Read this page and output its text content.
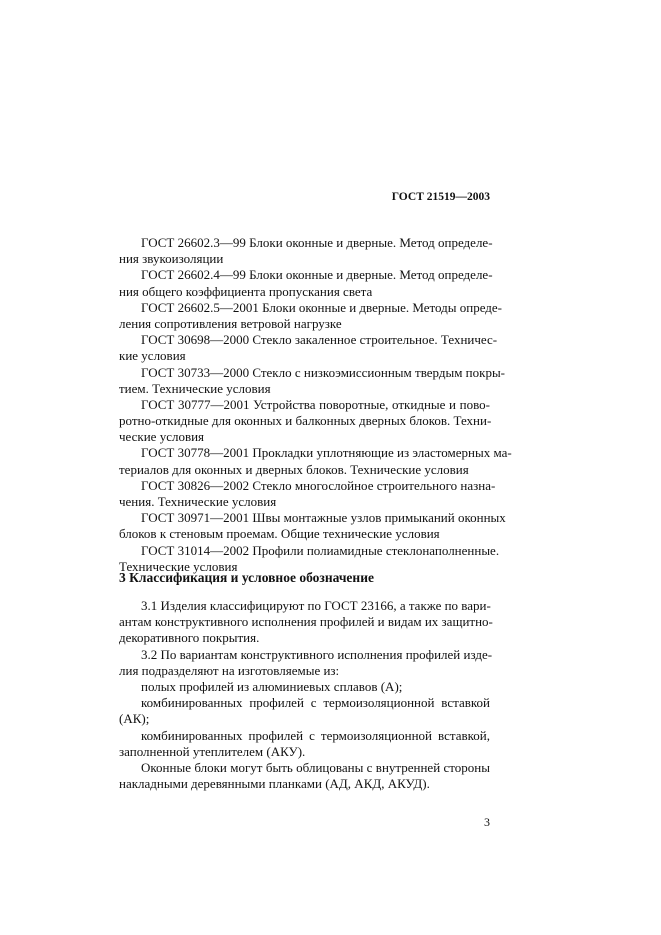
ГОСТ 21519—2003
ГОСТ 26602.3—99 Блоки оконные и дверные. Метод определе-
ния звукоизоляции
ГОСТ 26602.4—99 Блоки оконные и дверные. Метод определе-
ния общего коэффициента пропускания света
ГОСТ 26602.5—2001 Блоки оконные и дверные. Методы опреде-
ления сопротивления ветровой нагрузке
ГОСТ 30698—2000 Стекло закаленное строительное. Техничес-
кие условия
ГОСТ 30733—2000 Стекло с низкоэмиссионным твердым покры-
тием. Технические условия
ГОСТ 30777—2001 Устройства поворотные, откидные и пово-
ротно-откидные для оконных и балконных дверных блоков. Техни-
ческие условия
ГОСТ 30778—2001 Прокладки уплотняющие из эластомерных ма-
териалов для оконных и дверных блоков. Технические условия
ГОСТ 30826—2002 Стекло многослойное строительного назна-
чения. Технические условия
ГОСТ 30971—2001 Швы монтажные узлов примыканий оконных
блоков к стеновым проемам. Общие технические условия
ГОСТ 31014—2002 Профили полиамидные стеклонаполненные.
Технические условия
3 Классификация и условное обозначение
3.1 Изделия классифицируют по ГОСТ 23166, а также по вари-
антам конструктивного исполнения профилей и видам их защитно-
декоративного покрытия.
3.2 По вариантам конструктивного исполнения профилей изде-
лия подразделяют на изготовляемые из:
полых профилей из алюминиевых сплавов (А);
комбинированных профилей с термоизоляционной вставкой
(АК);
комбинированных профилей с термоизоляционной вставкой,
заполненной утеплителем (АКУ).
Оконные блоки могут быть облицованы с внутренней стороны
накладными деревянными планками (АД, АКД, АКУД).
3
